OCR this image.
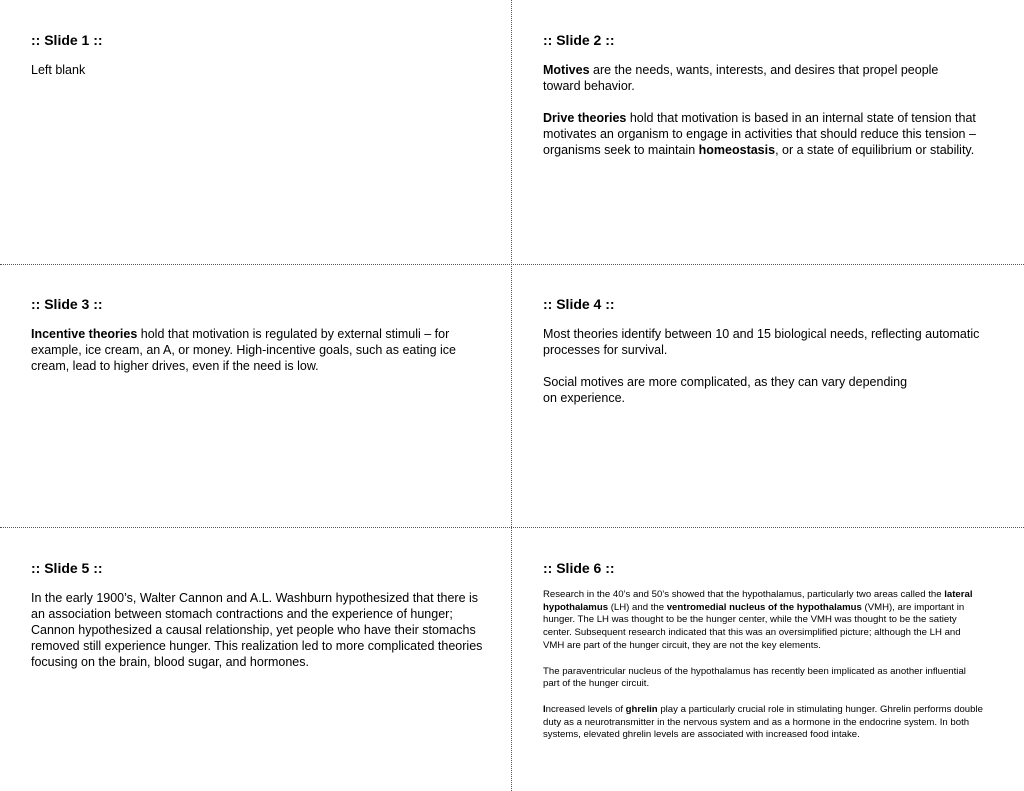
:: Slide 1 ::

Left blank

:: Slide 2 ::

Motives are the needs, wants, interests, and desires that propel people toward behavior.

Drive theories hold that motivation is based in an internal state of tension that motivates an organism to engage in activities that should reduce this tension – organisms seek to maintain homeostasis, or a state of equilibrium or stability.

:: Slide 3 ::

Incentive theories hold that motivation is regulated by external stimuli – for example, ice cream, an A, or money. High-incentive goals, such as eating ice cream, lead to higher drives, even if the need is low.

:: Slide 4 ::

Most theories identify between 10 and 15 biological needs, reflecting automatic processes for survival.

Social motives are more complicated, as they can vary depending
on experience.

:: Slide 5 ::

In the early 1900’s, Walter Cannon and A.L. Washburn hypothesized that there is an association between stomach contractions and the experience of hunger; Cannon hypothesized a causal relationship, yet people who have their stomachs removed still experience hunger. This realization led to more complicated theories focusing on the brain, blood sugar, and hormones.

:: Slide 6 ::

Research in the 40’s and 50’s showed that the hypothalamus, particularly two areas called the lateral hypothalamus (LH) and the ventromedial nucleus of the hypothalamus (VMH), are important in hunger. The LH was thought to be the hunger center, while the VMH was thought to be the satiety center. Subsequent research indicated that this was an oversimplified picture; although the LH and VMH are part of the hunger circuit, they are not the key elements.

The paraventricular nucleus of the hypothalamus has recently been implicated as another influential part of the hunger circuit.

Increased levels of ghrelin play a particularly crucial role in stimulating hunger. Ghrelin performs double duty as a neurotransmitter in the nervous system and as a hormone in the endocrine system. In both systems, elevated ghrelin levels are associated with increased food intake.
